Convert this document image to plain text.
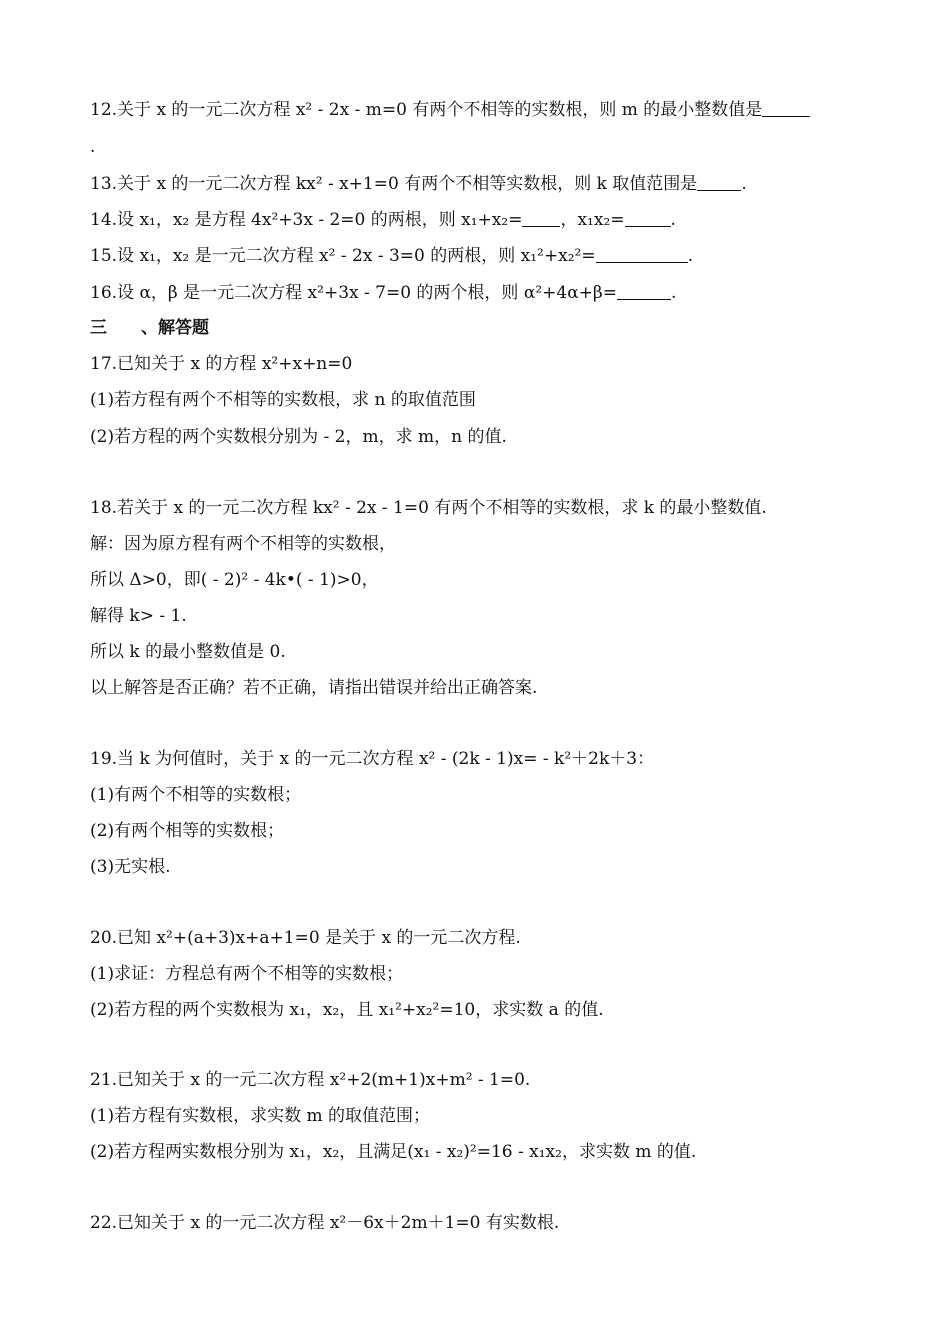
12.关于 x 的一元二次方程 x² - 2x - m=0 有两个不相等的实数根，则 m 的最小整数值是
.
13.关于 x 的一元二次方程 kx² - x+1=0 有两个不相等实数根，则 k 取值范围是	.
14.设 x₁，x₂ 是方程 4x²+3x - 2=0 的两根，则 x₁+x₂= ，x₁x₂=	.
15.设 x₁，x₂ 是一元二次方程 x² - 2x - 3=0 的两根，则 x₁²+x₂²=	.
16.设 α，β 是一元二次方程 x²+3x - 7=0 的两个根，则 α²+4α+β=	.
三　　、解答题
17.已知关于 x 的方程 x²+x+n=0
(1)若方程有两个不相等的实数根，求 n 的取值范围
(2)若方程的两个实数根分别为 - 2，m，求 m，n 的值.
18.若关于 x 的一元二次方程 kx² - 2x - 1=0 有两个不相等的实数根，求 k 的最小整数值.
解：因为原方程有两个不相等的实数根，
所以 Δ>0，即( - 2)² - 4k•( - 1)>0，
解得 k> - 1.
所以 k 的最小整数值是 0.
以上解答是否正确？若不正确，请指出错误并给出正确答案.
19.当 k 为何值时，关于 x 的一元二次方程 x² - (2k - 1)x= - k²＋2k＋3：
(1)有两个不相等的实数根；
(2)有两个相等的实数根；
(3)无实根.
20.已知 x²+(a+3)x+a+1=0 是关于 x 的一元二次方程.
(1)求证：方程总有两个不相等的实数根；
(2)若方程的两个实数根为 x₁，x₂，且 x₁²+x₂²=10，求实数 a 的值.
21.已知关于 x 的一元二次方程 x²+2(m+1)x+m² - 1=0.
(1)若方程有实数根，求实数 m 的取值范围；
(2)若方程两实数根分别为 x₁，x₂，且满足(x₁ - x₂)²=16 - x₁x₂，求实数 m 的值.
22.已知关于 x 的一元二次方程 x²－6x＋2m＋1=0 有实数根.
